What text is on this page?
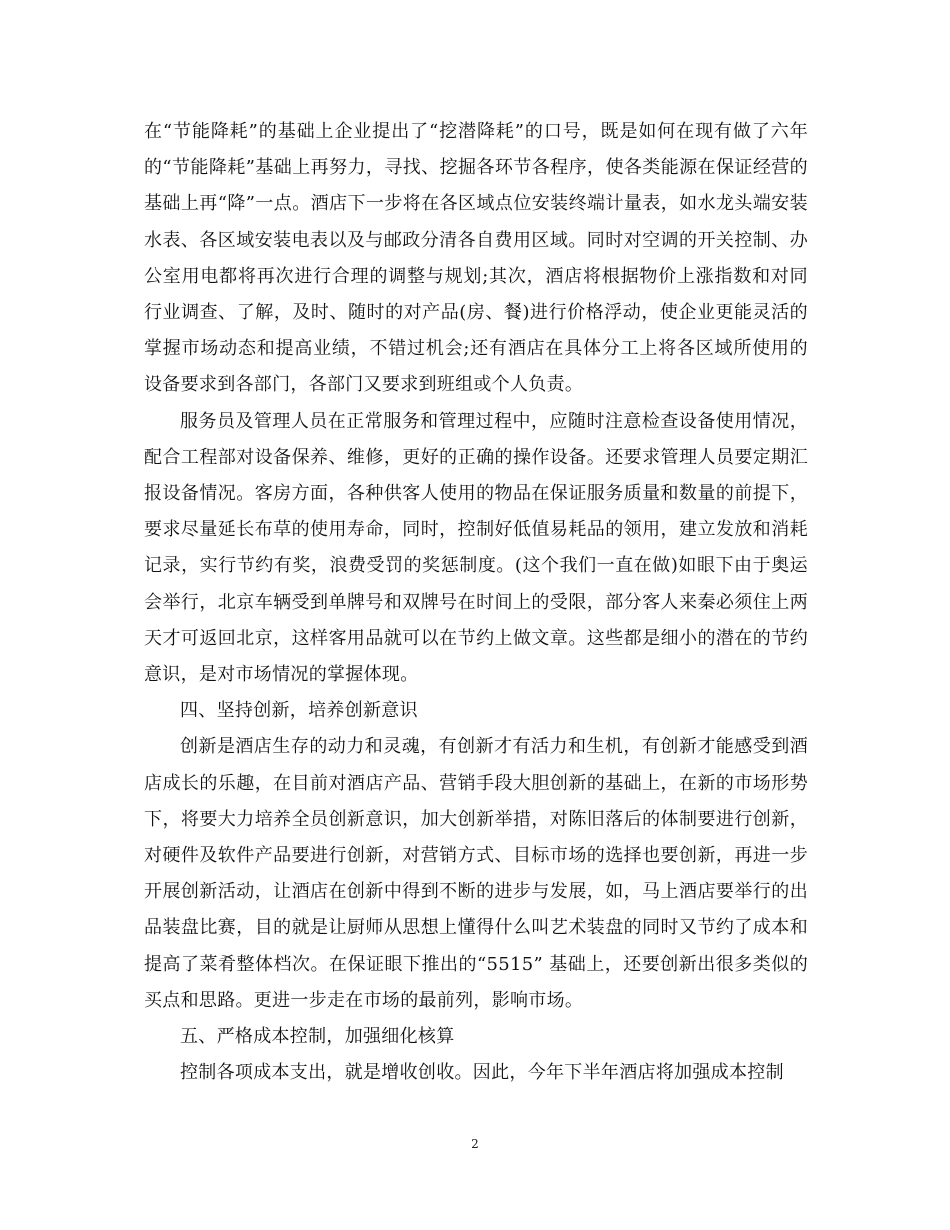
在“节能降耗”的基础上企业提出了“挖潜降耗”的口号，既是如何在现有做了六年的“节能降耗”基础上再努力，寻找、挖掘各环节各程序，使各类能源在保证经营的基础上再“降”一点。酒店下一步将在各区域点位安装终端计量表，如水龙头端安装水表、各区域安装电表以及与邮政分清各自费用区域。同时对空调的开关控制、办公室用电都将再次进行合理的调整与规划;其次，酒店将根据物价上涨指数和对同行业调查、了解，及时、随时的对产品(房、餐)进行价格浮动，使企业更能灵活的掌握市场动态和提高业绩，不错过机会;还有酒店在具体分工上将各区域所使用的设备要求到各部门，各部门又要求到班组或个人负责。

服务员及管理人员在正常服务和管理过程中，应随时注意检查设备使用情况，配合工程部对设备保养、维修，更好的正确的操作设备。还要求管理人员要定期汇报设备情况。客房方面，各种供客人使用的物品在保证服务质量和数量的前提下，要求尽量延长布草的使用寿命，同时，控制好低值易耗品的领用，建立发放和消耗记录，实行节约有奖，浪费受罚的奖惩制度。(这个我们一直在做)如眼下由于奥运会举行，北京车辆受到单牌号和双牌号在时间上的受限，部分客人来秦必须住上两天才可返回北京，这样客用品就可以在节约上做文章。这些都是细小的潜在的节约意识，是对市场情况的掌握体现。

四、坚持创新，培养创新意识

创新是酒店生存的动力和灵魂，有创新才有活力和生机，有创新才能感受到酒店成长的乐趣，在目前对酒店产品、营销手段大胆创新的基础上，在新的市场形势下，将要大力培养全员创新意识，加大创新举措，对陈旧落后的体制要进行创新，对硬件及软件产品要进行创新，对营销方式、目标市场的选择也要创新，再进一步开展创新活动，让酒店在创新中得到不断的进步与发展，如，马上酒店要举行的出品装盘比赛，目的就是让厨师从思想上懂得什么叫艺术装盘的同时又节约了成本和提高了菜肴整体档次。在保证眼下推出的“5515” 基础上，还要创新出很多类似的买点和思路。更进一步走在市场的最前列，影响市场。

五、严格成本控制，加强细化核算

控制各项成本支出，就是增收创收。因此，今年下半年酒店将加强成本控制

2
